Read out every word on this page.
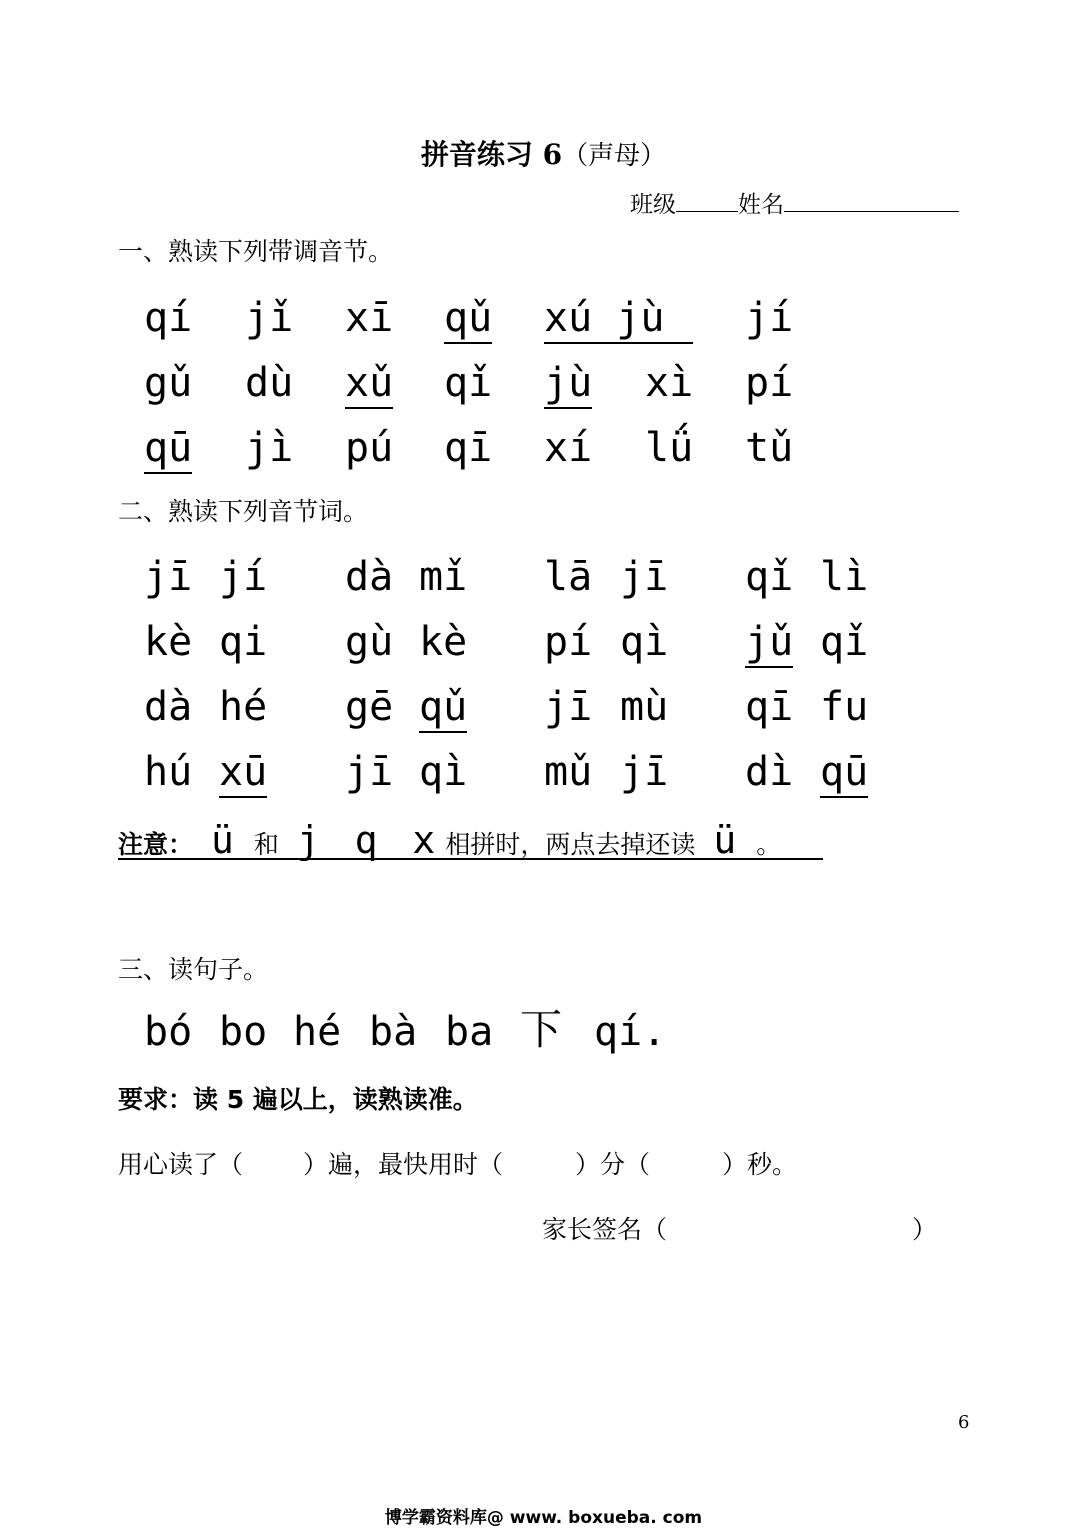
拼音练习 6（声母）
班级	姓名
一、熟读下列带调音节。
qí jǐ xī qǔ xú jù	jí
gǔ dù xǔ qǐ jù xì pí
qū jì pú qī xí lǘ tǔ
二、熟读下列音节词。
jī jí dà mǐ lā jī qǐ lì
kè qi gù kè pí qì jǔ qǐ
dà hé gē qǔ jī mù qī fu
hú xū jī qì mǔ jī dì qū
注意： ü 和 j q x 相拼时，两点去掉还读 ü 。
三、读句子。
bó bo hé bà ba 下 qí.
要求：读 5 遍以上，读熟读准。
用心读了（ ）遍，最快用时（	）分（	）秒。
家长签名（	）
6
博学霸资料库@ www. boxueba. com
